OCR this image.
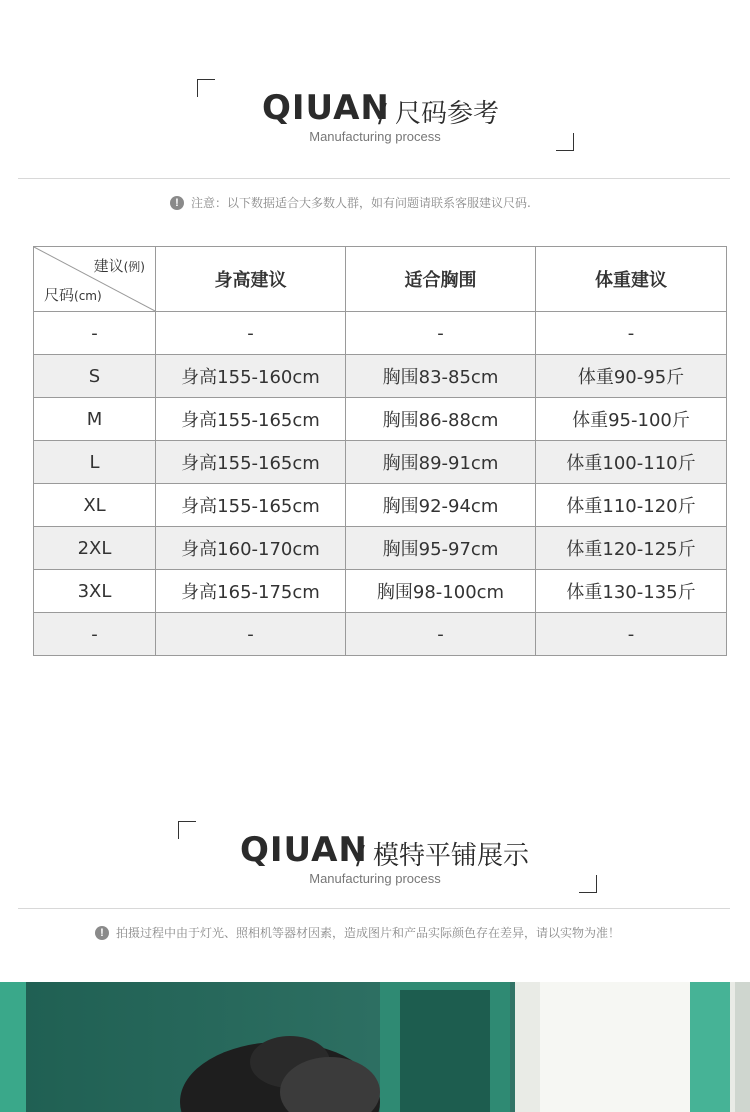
QIUAN
/ 尺码参考
Manufacturing process
!	注意：以下数据适合大多数人群，如有问题请联系客服建议尺码.
建议(例)
尺码(cm)	身高建议	适合胸围	体重建议
-	-	-	-
S	身高155-160cm	胸围83-85cm	体重90-95斤
M	身高155-165cm	胸围86-88cm	体重95-100斤
L	身高155-165cm	胸围89-91cm	体重100-110斤
XL	身高155-165cm	胸围92-94cm	体重110-120斤
2XL	身高160-170cm	胸围95-97cm	体重120-125斤
3XL	身高165-175cm	胸围98-100cm	体重130-135斤
-	-	-	-
QIUAN
/ 模特平铺展示
Manufacturing process
!	拍摄过程中由于灯光、照相机等器材因素，造成图片和产品实际颜色存在差异，请以实物为准！
